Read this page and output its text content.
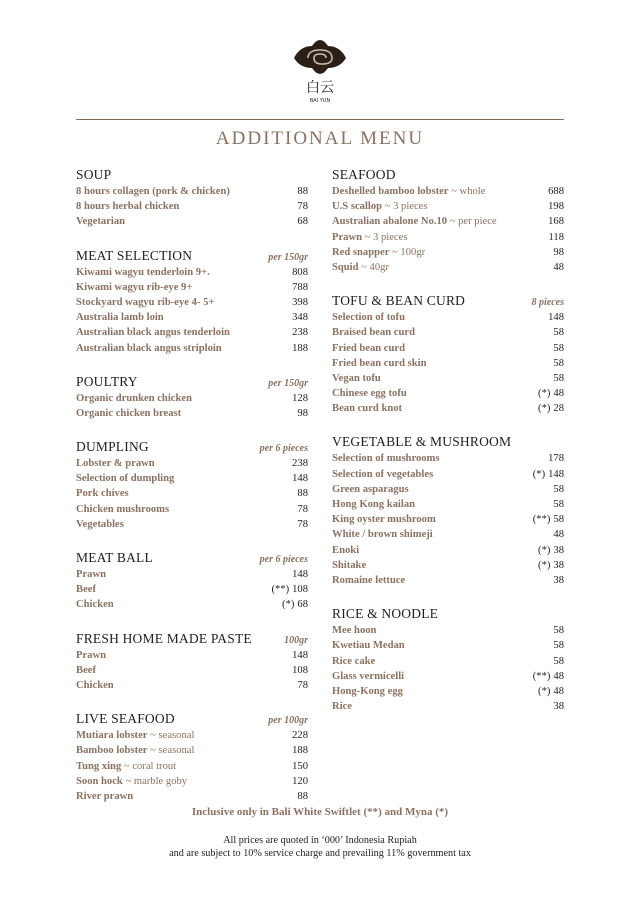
白云
BAI YUN
ADDITIONAL MENU
SOUP
8 hours collagen (pork & chicken)	88
8 hours herbal chicken	78
Vegetarian	68
MEAT SELECTION	per 150gr
Kiwami wagyu tenderloin 9+.	808
Kiwami wagyu rib-eye 9+	788
Stockyard wagyu rib-eye 4- 5+	398
Australia lamb loin	348
Australian black angus tenderloin	238
Australian black angus striploin	188
POULTRY	per 150gr
Organic drunken chicken	128
Organic chicken breast	98
DUMPLING	per 6 pieces
Lobster & prawn	238
Selection of dumpling	148
Pork chives	88
Chicken mushrooms	78
Vegetables	78
MEAT BALL	per 6 pieces
Prawn	148
Beef	(**) 108
Chicken	(*) 68
FRESH HOME MADE PASTE	100gr
Prawn	148
Beef	108
Chicken	78
LIVE SEAFOOD	per 100gr
Mutiara lobster ~ seasonal	228
Bamboo lobster ~ seasonal	188
Tung xing ~ coral trout	150
Soon hock ~ marble goby	120
River prawn	88
SEAFOOD
Deshelled bamboo lobster ~ whole	688
U.S scallop ~ 3 pieces	198
Australian abalone No.10 ~ per piece	168
Prawn ~ 3 pieces	118
Red snapper ~ 100gr	98
Squid ~ 40gr	48
TOFU & BEAN CURD	8 pieces
Selection of tofu	148
Braised bean curd	58
Fried bean curd	58
Fried bean curd skin	58
Vegan tofu	58
Chinese egg tofu	(*) 48
Bean curd knot	(*) 28
VEGETABLE & MUSHROOM
Selection of mushrooms	178
Selection of vegetables	(*) 148
Green asparagus	58
Hong Kong kailan	58
King oyster mushroom	(**) 58
White / brown shimeji	48
Enoki	(*) 38
Shitake	(*) 38
Romaine lettuce	38
RICE & NOODLE
Mee hoon	58
Kwetiau Medan	58
Rice cake	58
Glass vermicelli	(**) 48
Hong-Kong egg	(*) 48
Rice	38
Inclusive only in Bali White Swiftlet (**) and Myna (*)
All prices are quoted in ‘000’ Indonesia Rupiah
and are subject to 10% service charge and prevailing 11% government tax
